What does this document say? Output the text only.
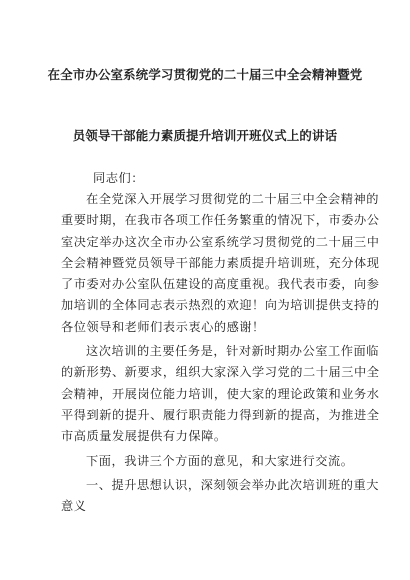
在全市办公室系统学习贯彻党的二十届三中全会精神暨党
员领导干部能力素质提升培训开班仪式上的讲话
同志们：
在全党深入开展学习贯彻党的二十届三中全会精神的
重要时期，在我市各项工作任务繁重的情况下，市委办公
室决定举办这次全市办公室系统学习贯彻党的二十届三中
全会精神暨党员领导干部能力素质提升培训班，充分体现
了市委对办公室队伍建设的高度重视。我代表市委，向参
加培训的全体同志表示热烈的欢迎！向为培训提供支持的
各位领导和老师们表示衷心的感谢！
这次培训的主要任务是，针对新时期办公室工作面临
的新形势、新要求，组织大家深入学习党的二十届三中全
会精神，开展岗位能力培训，使大家的理论政策和业务水
平得到新的提升、履行职责能力得到新的提高，为推进全
市高质量发展提供有力保障。
下面，我讲三个方面的意见，和大家进行交流。
一、提升思想认识，深刻领会举办此次培训班的重大
意义
